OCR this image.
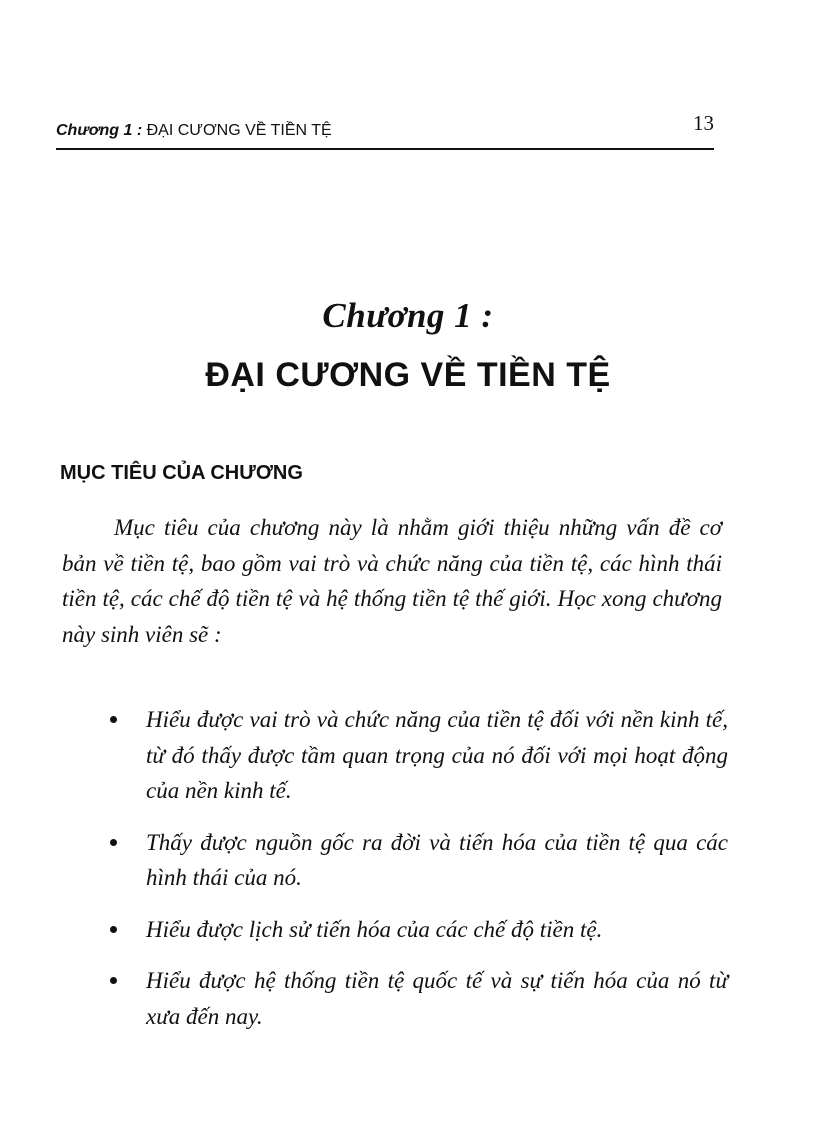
Chương 1 : ĐẠI CƯƠNG VỀ TIỀN TỆ	13
Chương 1 :
ĐẠI CƯƠNG VỀ TIỀN TỆ
MỤC TIÊU CỦA CHƯƠNG

Mục tiêu của chương này là nhằm giới thiệu những vấn đề cơ bản về tiền tệ, bao gồm vai trò và chức năng của tiền tệ, các hình thái tiền tệ, các chế độ tiền tệ và hệ thống tiền tệ thế giới. Học xong chương này sinh viên sẽ :

Hiểu được vai trò và chức năng của tiền tệ đối với nền kinh tế, từ đó thấy được tầm quan trọng của nó đối với mọi hoạt động của nền kinh tế.
Thấy được nguồn gốc ra đời và tiến hóa của tiền tệ qua các hình thái của nó.
Hiểu được lịch sử tiến hóa của các chế độ tiền tệ.
Hiểu được hệ thống tiền tệ quốc tế và sự tiến hóa của nó từ xưa đến nay.
